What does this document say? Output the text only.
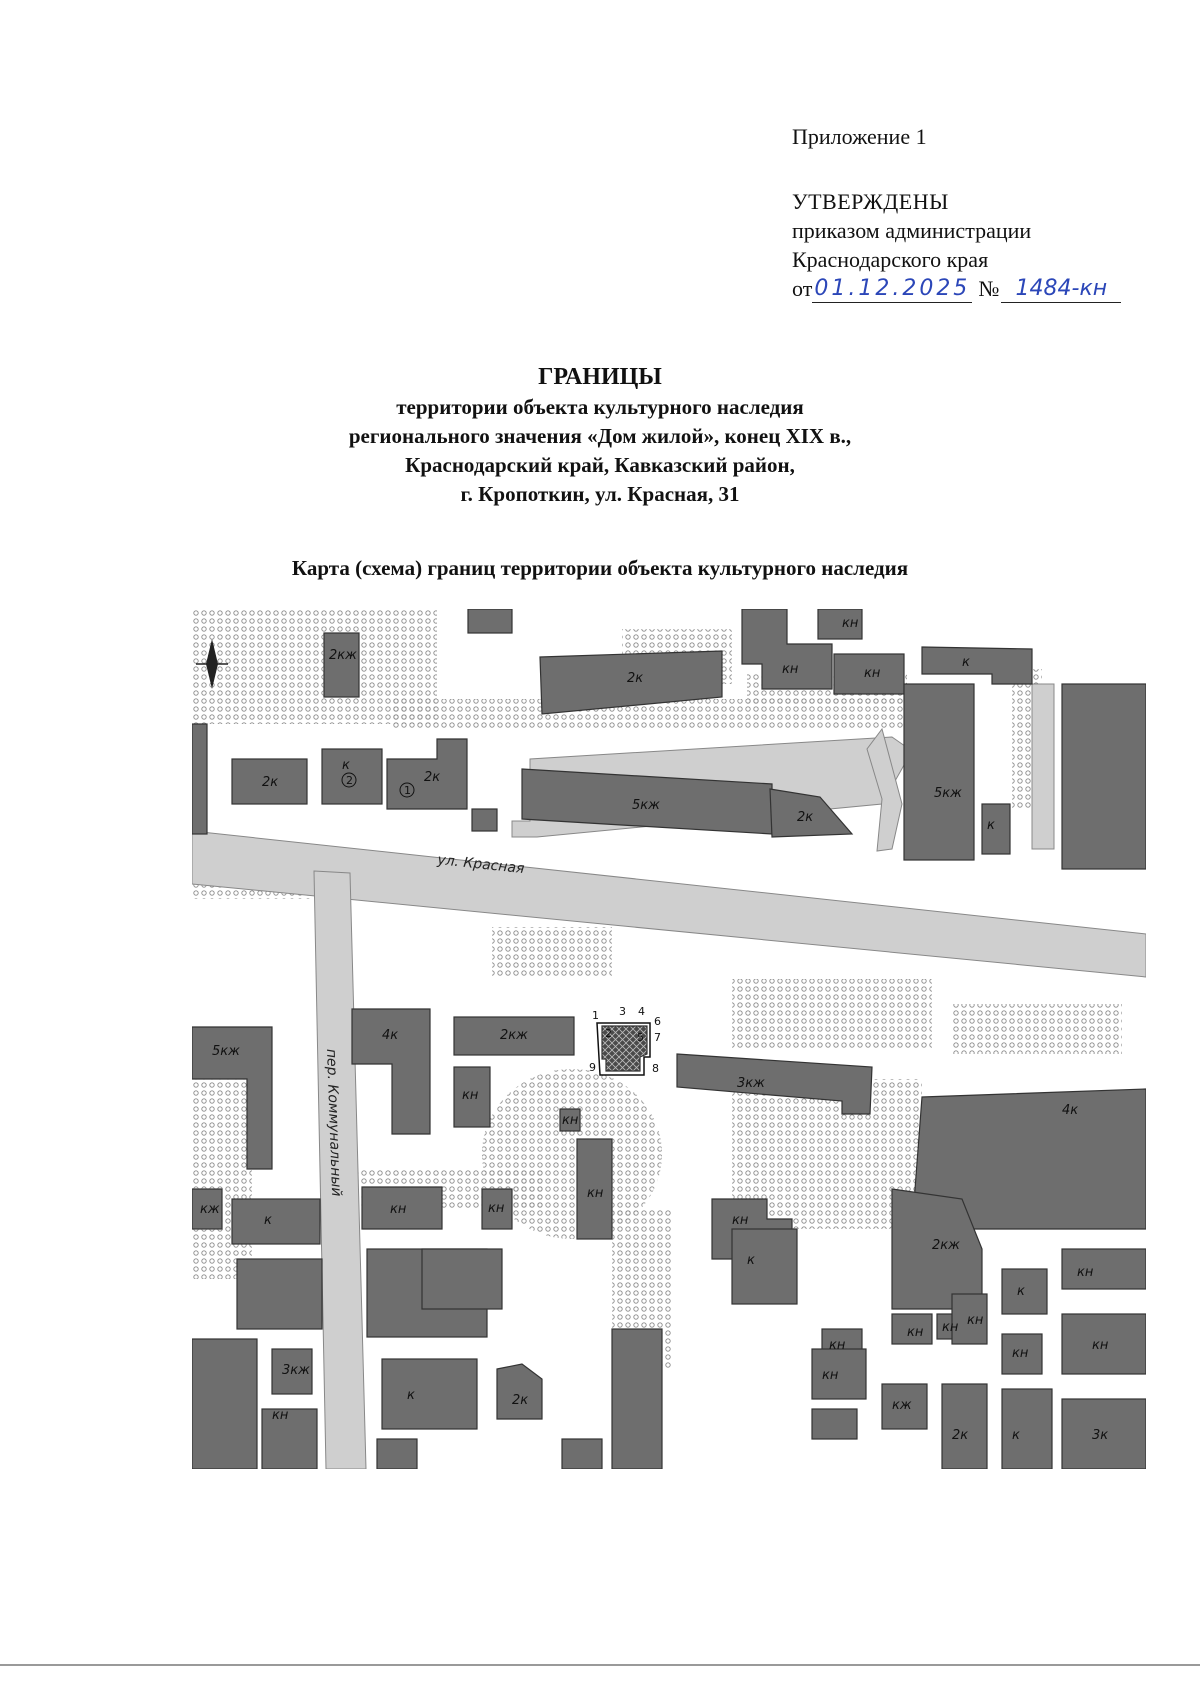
Приложение 1
УТВЕРЖДЕНЫ
приказом администрации
Краснодарского края
от 01.12.2025 № 1484-кн
ГРАНИЦЫ
территории объекта культурного наследия
регионального значения «Дом жилой», конец XIX в.,
Краснодарский край, Кавказский район,
г. Кропоткин, ул. Красная, 31
Карта (схема) границ территории объекта культурного наследия
2кж
2к
кн
кн	кн
к
2к
к
2к
5кж
2к
5кж
к
5кж
4к	2кж
кн
кн
3кж
4к
кж
к
кн	кн
кн
кн
к
2кж
к
кн
кн кн кн
кн
кн
кн
кн
кж
2к	к	3к
3кж
кн
к	2к
ул. Красная
пер. Коммунальный
1
2
1
2
3 4
5
6
7
8
9
